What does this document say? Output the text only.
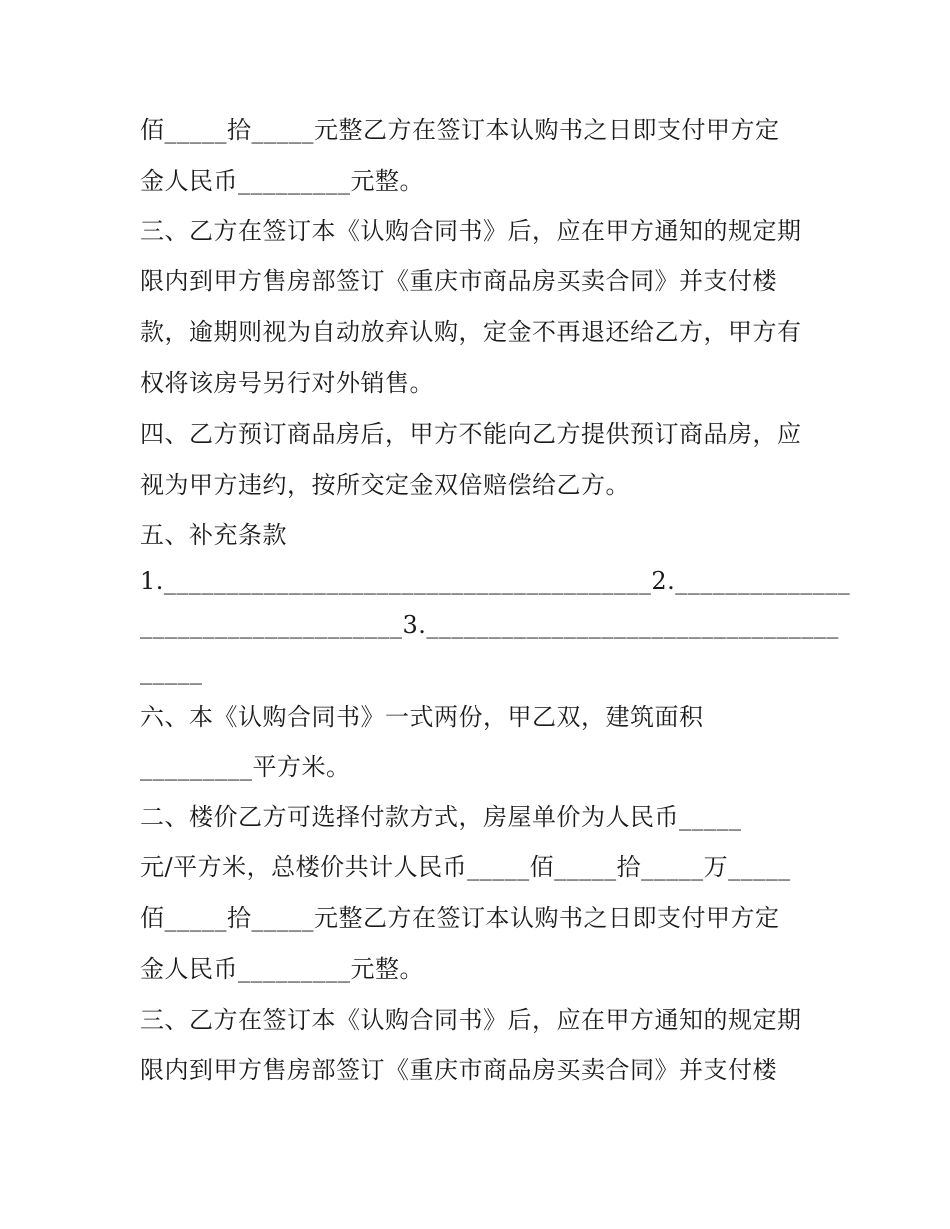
佰_____拾_____元整乙方在签订本认购书之日即支付甲方定
金人民币_________元整。
三、乙方在签订本《认购合同书》后，应在甲方通知的规定期
限内到甲方售房部签订《重庆市商品房买卖合同》并支付楼
款，逾期则视为自动放弃认购，定金不再退还给乙方，甲方有
权将该房号另行对外销售。
四、乙方预订商品房后，甲方不能向乙方提供预订商品房，应
视为甲方违约，按所交定金双倍赔偿给乙方。
五、补充条款
1._______________________________________2.______________
_____________________3._________________________________
_____
六、本《认购合同书》一式两份，甲乙双，建筑面积
_________平方米。
二、楼价乙方可选择付款方式，房屋单价为人民币_____
元/平方米，总楼价共计人民币_____佰_____拾_____万_____
佰_____拾_____元整乙方在签订本认购书之日即支付甲方定
金人民币_________元整。
三、乙方在签订本《认购合同书》后，应在甲方通知的规定期
限内到甲方售房部签订《重庆市商品房买卖合同》并支付楼
